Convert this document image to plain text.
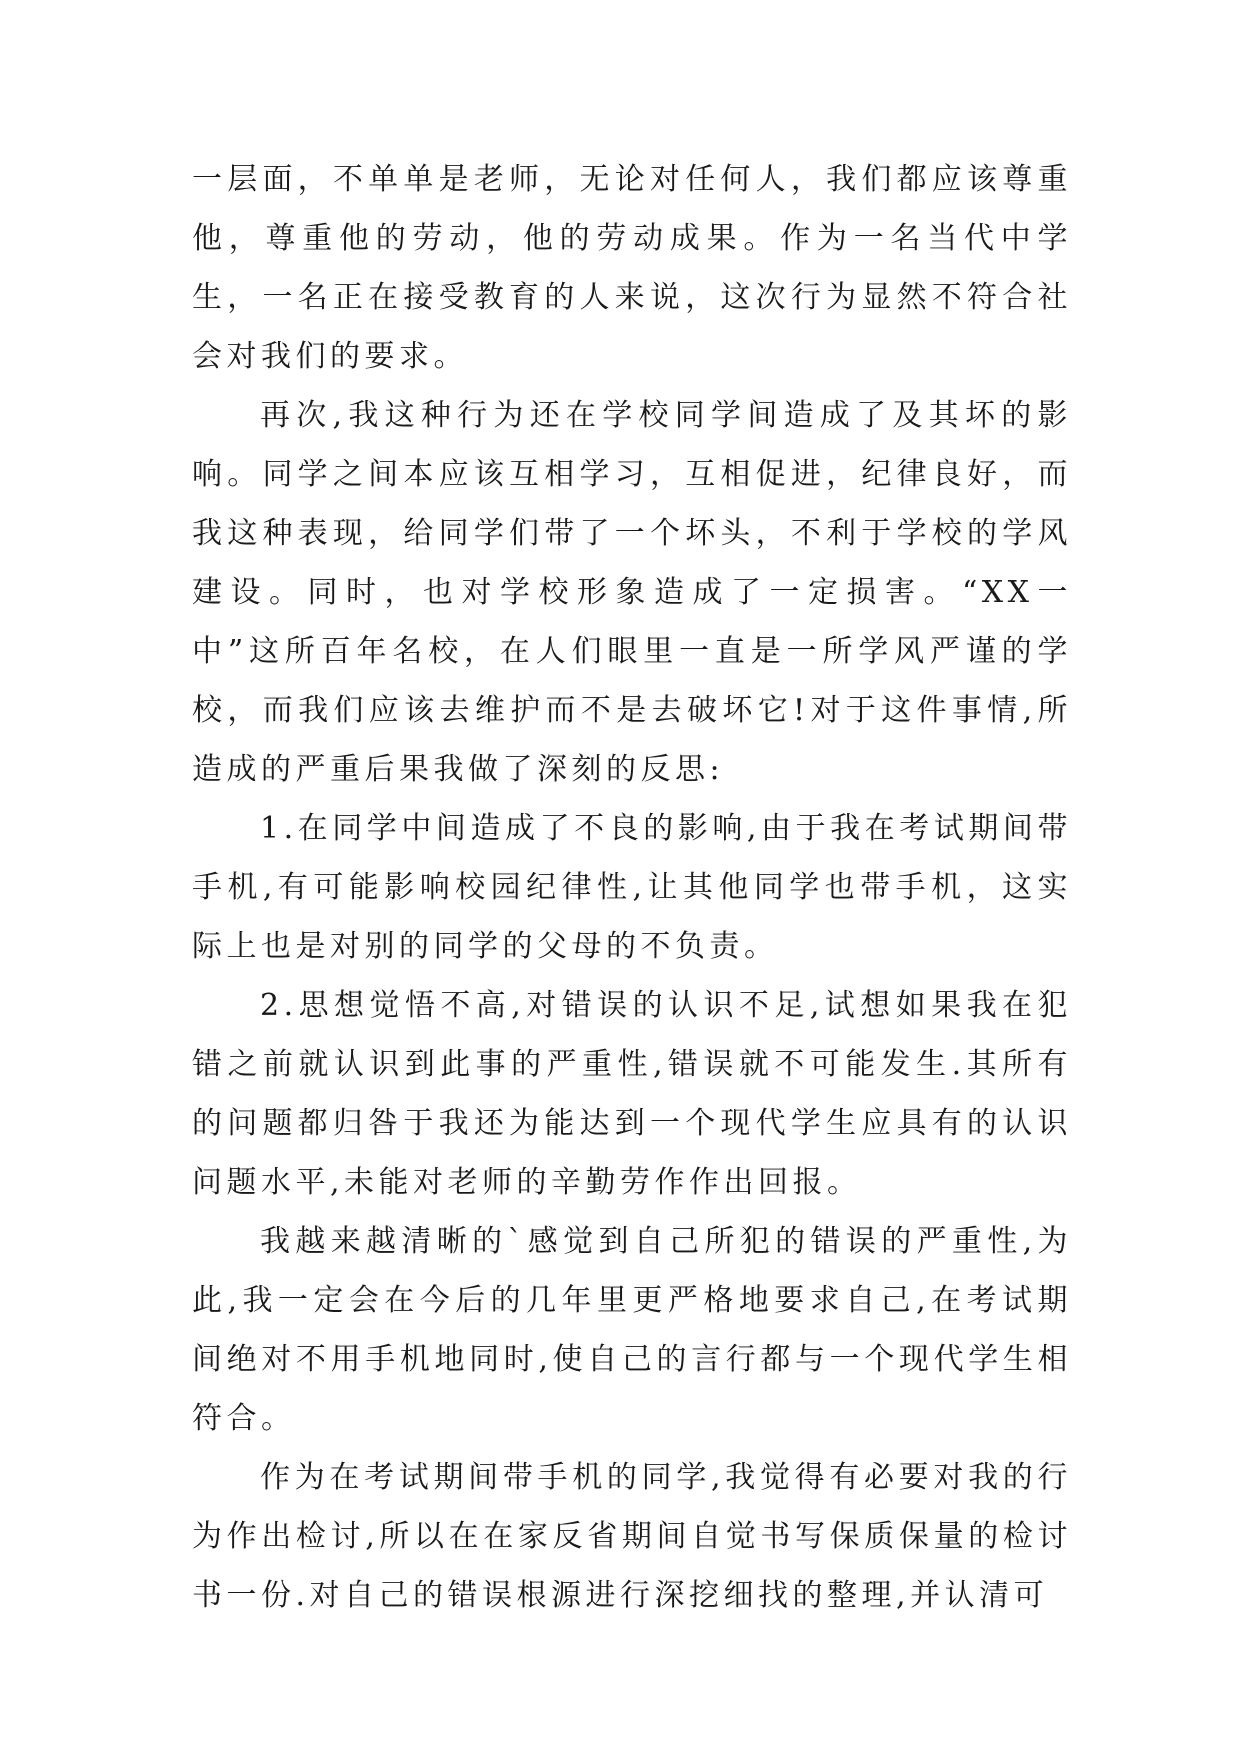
一层面，不单单是老师，无论对任何人，我们都应该尊重他，尊重他的劳动，他的劳动成果。作为一名当代中学生，一名正在接受教育的人来说，这次行为显然不符合社会对我们的要求。

再次,我这种行为还在学校同学间造成了及其坏的影响。同学之间本应该互相学习，互相促进，纪律良好，而我这种表现，给同学们带了一个坏头，不利于学校的学风建设。同时，也对学校形象造成了一定损害。“XX一中”这所百年名校，在人们眼里一直是一所学风严谨的学校，而我们应该去维护而不是去破坏它!对于这件事情,所造成的严重后果我做了深刻的反思:

1.在同学中间造成了不良的影响,由于我在考试期间带手机,有可能影响校园纪律性,让其他同学也带手机，这实际上也是对别的同学的父母的不负责。

2.思想觉悟不高,对错误的认识不足,试想如果我在犯错之前就认识到此事的严重性,错误就不可能发生.其所有的问题都归咎于我还为能达到一个现代学生应具有的认识问题水平,未能对老师的辛勤劳作作出回报。

我越来越清晰的`感觉到自己所犯的错误的严重性,为此,我一定会在今后的几年里更严格地要求自己,在考试期间绝对不用手机地同时,使自己的言行都与一个现代学生相符合。

作为在考试期间带手机的同学,我觉得有必要对我的行为作出检讨,所以在在家反省期间自觉书写保质保量的检讨书一份.对自己的错误根源进行深挖细找的整理,并认清可
